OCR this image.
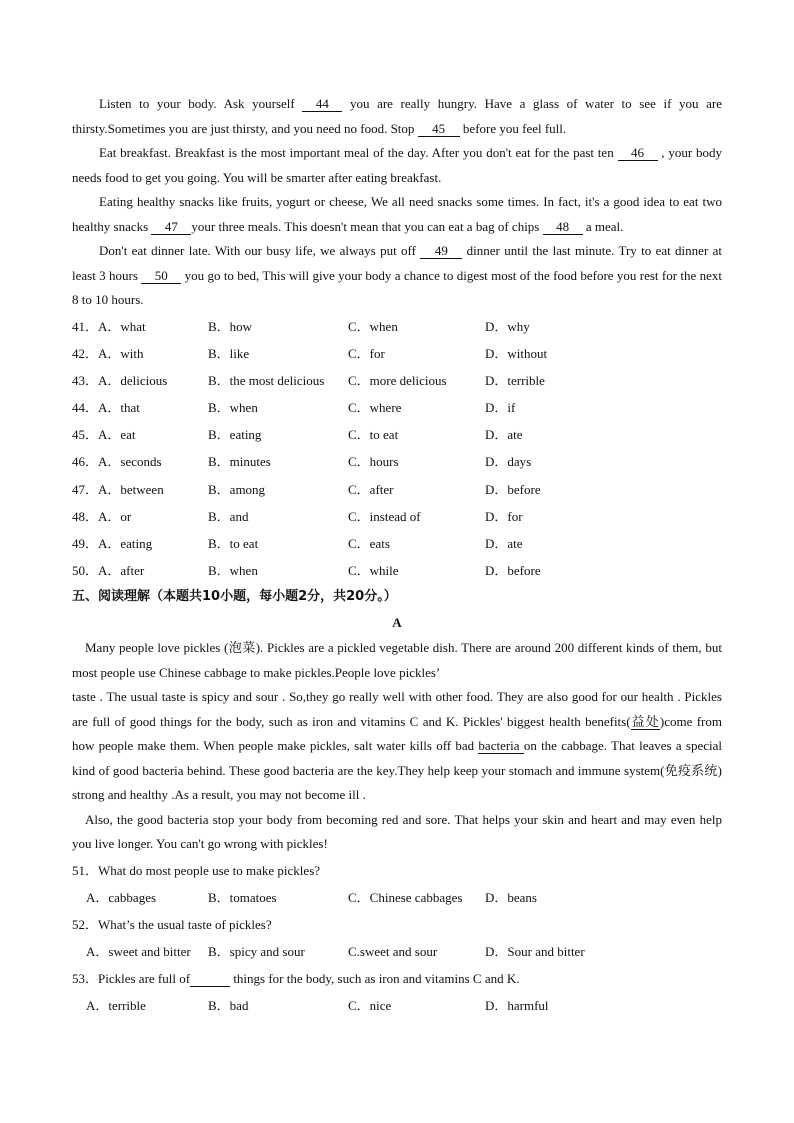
Listen to your body. Ask yourself 44 you are really hungry. Have a glass of water to see if you are thirsty.Sometimes you are just thirsty, and you need no food. Stop 45 before you feel full.

Eat breakfast. Breakfast is the most important meal of the day. After you don't eat for the past ten 46 , your body needs food to get you going. You will be smarter after eating breakfast.

Eating healthy snacks like fruits, yogurt or cheese, We all need snacks some times. In fact, it's a good idea to eat two healthy snacks 47 your three meals. This doesn't mean that you can eat a bag of chips 48 a meal.

Don't eat dinner late. With our busy life, we always put off 49 dinner until the last minute. Try to eat dinner at least 3 hours 50 you go to bed, This will give your body a chance to digest most of the food before you rest for the next 8 to 10 hours.

41．A．what	B．how	C．when	D．why
42．A．with	B．like	C．for	D．without
43．A．delicious	B．the most delicious C．more delicious	D．terrible
44．A．that	B．when	C．where	D．if
45．A．eat	B．eating	C．to eat	D．ate
46．A．seconds	B．minutes	C．hours	D．days
47．A．between	B．among	C．after	D．before
48．A．or	B．and	C．instead of	D．for
49．A．eating	B．to eat	C．eats	D．ate
50．A．after	B．when	C．while	D．before
五、阅读理解（本题共10小题，每小题2分，共20分。）
A

Many people love pickles (泡菜). Pickles are a pickled vegetable dish. There are around 200 different kinds of them, but most people use Chinese cabbage to make pickles.People love pickles’

taste . The usual taste is spicy and sour . So,they go really well with other food. They are also good for our health . Pickles are full of good things for the body, such as iron and vitamins C and K. Pickles' biggest health benefits(益处)come from how people make them. When people make pickles, salt water kills off bad bacteria on the cabbage. That leaves a special kind of good bacteria behind. These good bacteria are the key.They help keep your stomach and immune system(免疫系统) strong and healthy .As a result, you may not become ill .

Also, the good bacteria stop your body from becoming red and sore. That helps your skin and heart and may even help you live longer. You can't go wrong with pickles!

51．What do most people use to make pickles?
A．cabbages	B．tomatoes	C．Chinese cabbages D．beans
52．What’s the usual taste of pickles?
A．sweet and bitter B．spicy and sour	C.sweet and sour	D．Sour and bitter
53．Pickles are full of	things for the body, such as iron and vitamins C and K.
A．terrible	B．bad	C．nice	D．harmful
